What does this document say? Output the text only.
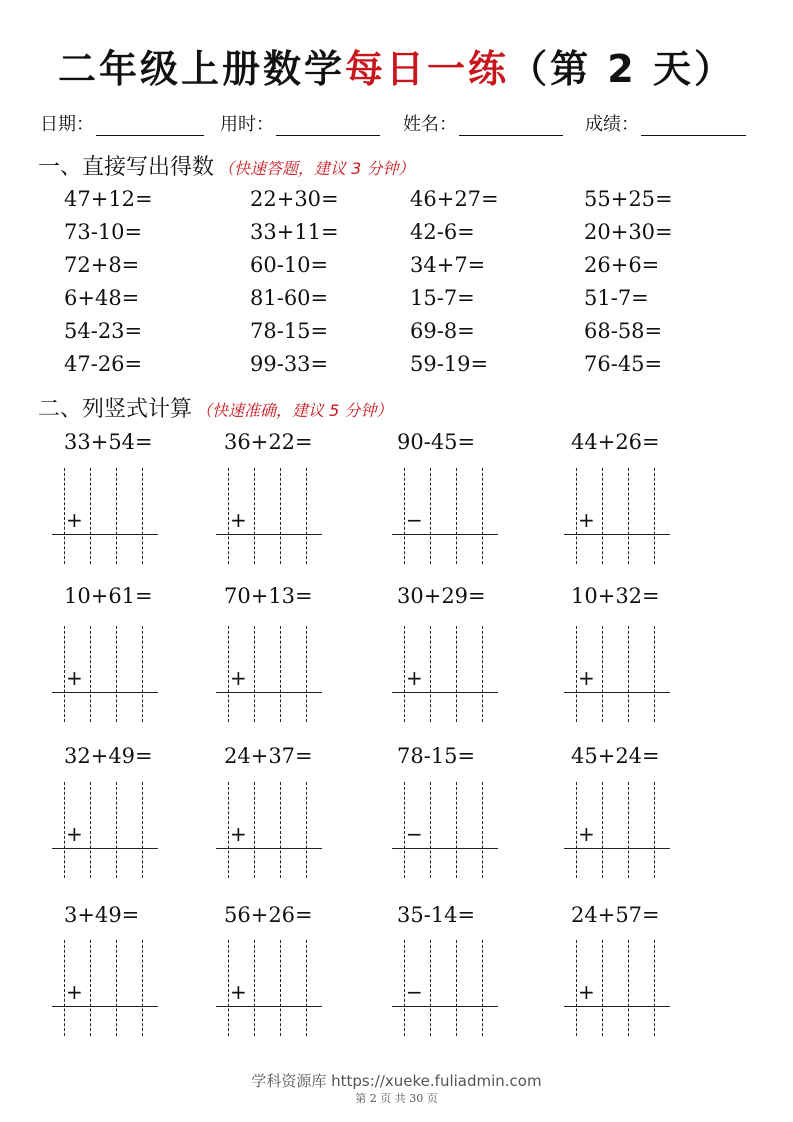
二年级上册数学每日一练（第 2 天）
日期：	用时：	姓名：	成绩：
一、直接写出得数 （快速答题，建议 3 分钟）
47+12=	22+30=	46+27=	55+25=
73-10=	33+11=	42-6=	20+30=
72+8=	60-10=	34+7=	26+6=
6+48=	81-60=	15-7=	51-7=
54-23=	78-15=	69-8=	68-58=
47-26=	99-33=	59-19=	76-45=
二、列竖式计算 （快速准确，建议 5 分钟）
33+54=
+
36+22=
+
90-45=
−
44+26=
+
10+61=
+
70+13=
+
30+29=
+
10+32=
+
32+49=
+
24+37=
+
78-15=
−
45+24=
+
3+49=
+
56+26=
+
35-14=
−
24+57=
+
学科资源库 https://xueke.fuliadmin.com
第 2 页 共 30 页
